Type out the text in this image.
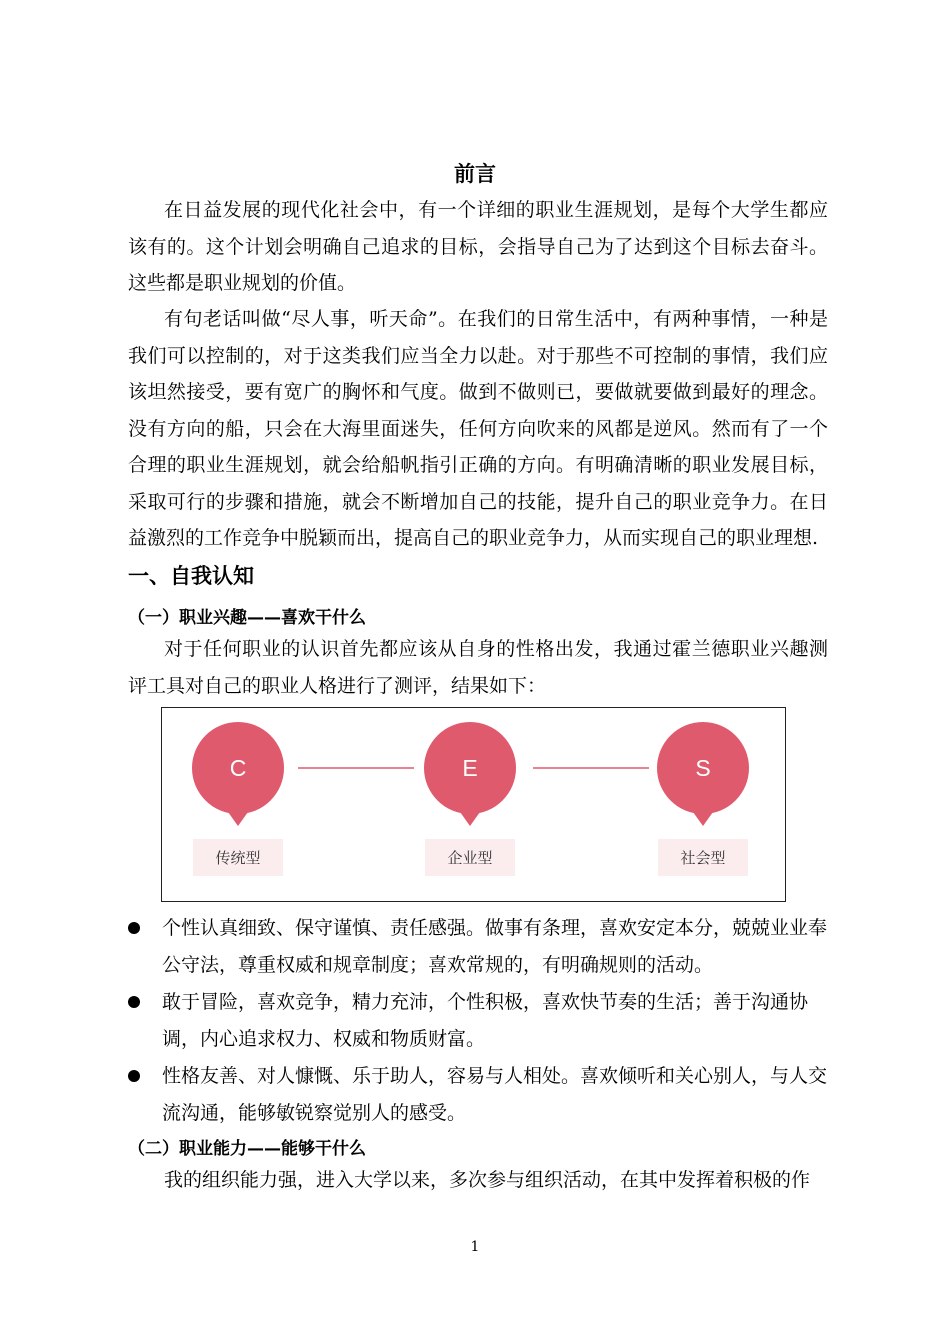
前言

在日益发展的现代化社会中，有一个详细的职业生涯规划，是每个大学生都应该有的。这个计划会明确自己追求的目标，会指导自己为了达到这个目标去奋斗。这些都是职业规划的价值。

有句老话叫做“尽人事，听天命”。在我们的日常生活中，有两种事情，一种是我们可以控制的，对于这类我们应当全力以赴。对于那些不可控制的事情，我们应该坦然接受，要有宽广的胸怀和气度。做到不做则已，要做就要做到最好的理念。没有方向的船，只会在大海里面迷失，任何方向吹来的风都是逆风。然而有了一个合理的职业生涯规划，就会给船帆指引正确的方向。有明确清晰的职业发展目标，采取可行的步骤和措施，就会不断增加自己的技能，提升自己的职业竞争力。在日益激烈的工作竞争中脱颖而出，提高自己的职业竞争力，从而实现自己的职业理想.

一、自我认知
（一）职业兴趣——喜欢干什么

对于任何职业的认识首先都应该从自身的性格出发，我通过霍兰德职业兴趣测评工具对自己的职业人格进行了测评，结果如下：

C
传统型
E
企业型
S
社会型
个性认真细致、保守谨慎、责任感强。做事有条理，喜欢安定本分，兢兢业业奉公守法，尊重权威和规章制度；喜欢常规的，有明确规则的活动。
敢于冒险，喜欢竞争，精力充沛，个性积极，喜欢快节奏的生活；善于沟通协调，内心追求权力、权威和物质财富。
性格友善、对人慷慨、乐于助人，容易与人相处。喜欢倾听和关心别人，与人交流沟通，能够敏锐察觉别人的感受。
（二）职业能力——能够干什么

我的组织能力强，进入大学以来，多次参与组织活动，在其中发挥着积极的作

1
